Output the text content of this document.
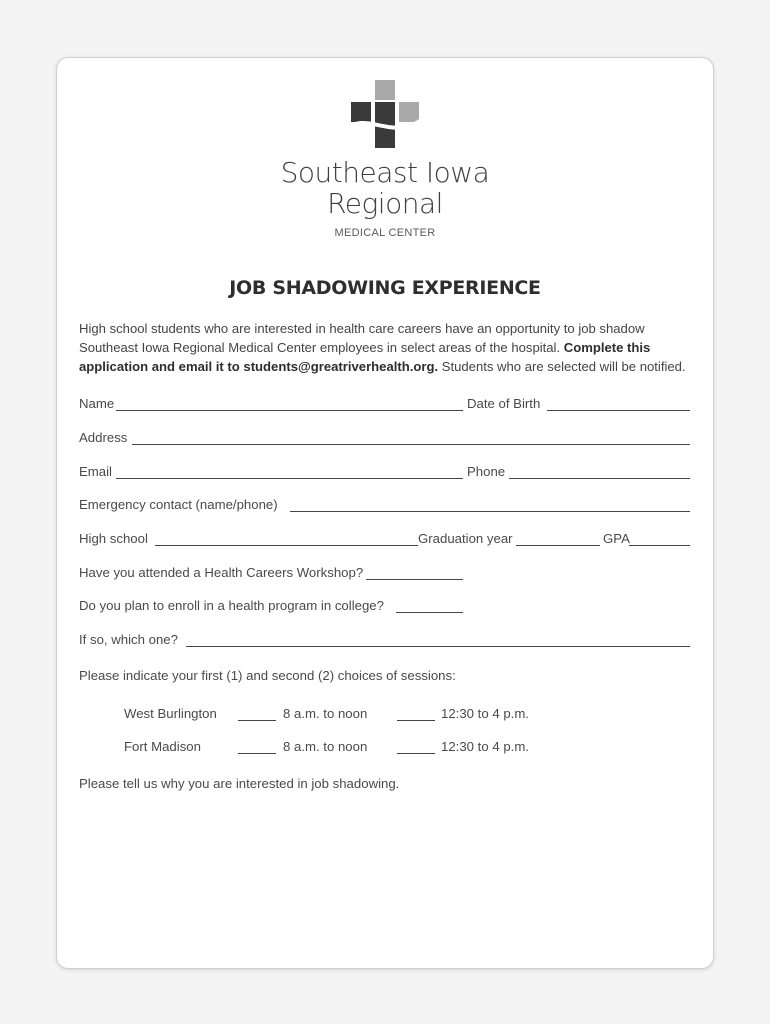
Southeast Iowa
Regional
MEDICAL CENTER
JOB SHADOWING EXPERIENCE
High school students who are interested in health care careers have an opportunity to job shadow Southeast Iowa Regional Medical Center employees in select areas of the hospital. Complete this application and email it to students@greatriverhealth.org. Students who are selected will be notified.
Name	Date of Birth
Address
Email	Phone
Emergency contact (name/phone)
High school	Graduation year	GPA
Have you attended a Health Careers Workshop?
Do you plan to enroll in a health program in college?
If so, which one?
Please indicate your first (1) and second (2) choices of sessions:
West Burlington	8 a.m. to noon	12:30 to 4 p.m.
Fort Madison	8 a.m. to noon	12:30 to 4 p.m.
Please tell us why you are interested in job shadowing.
